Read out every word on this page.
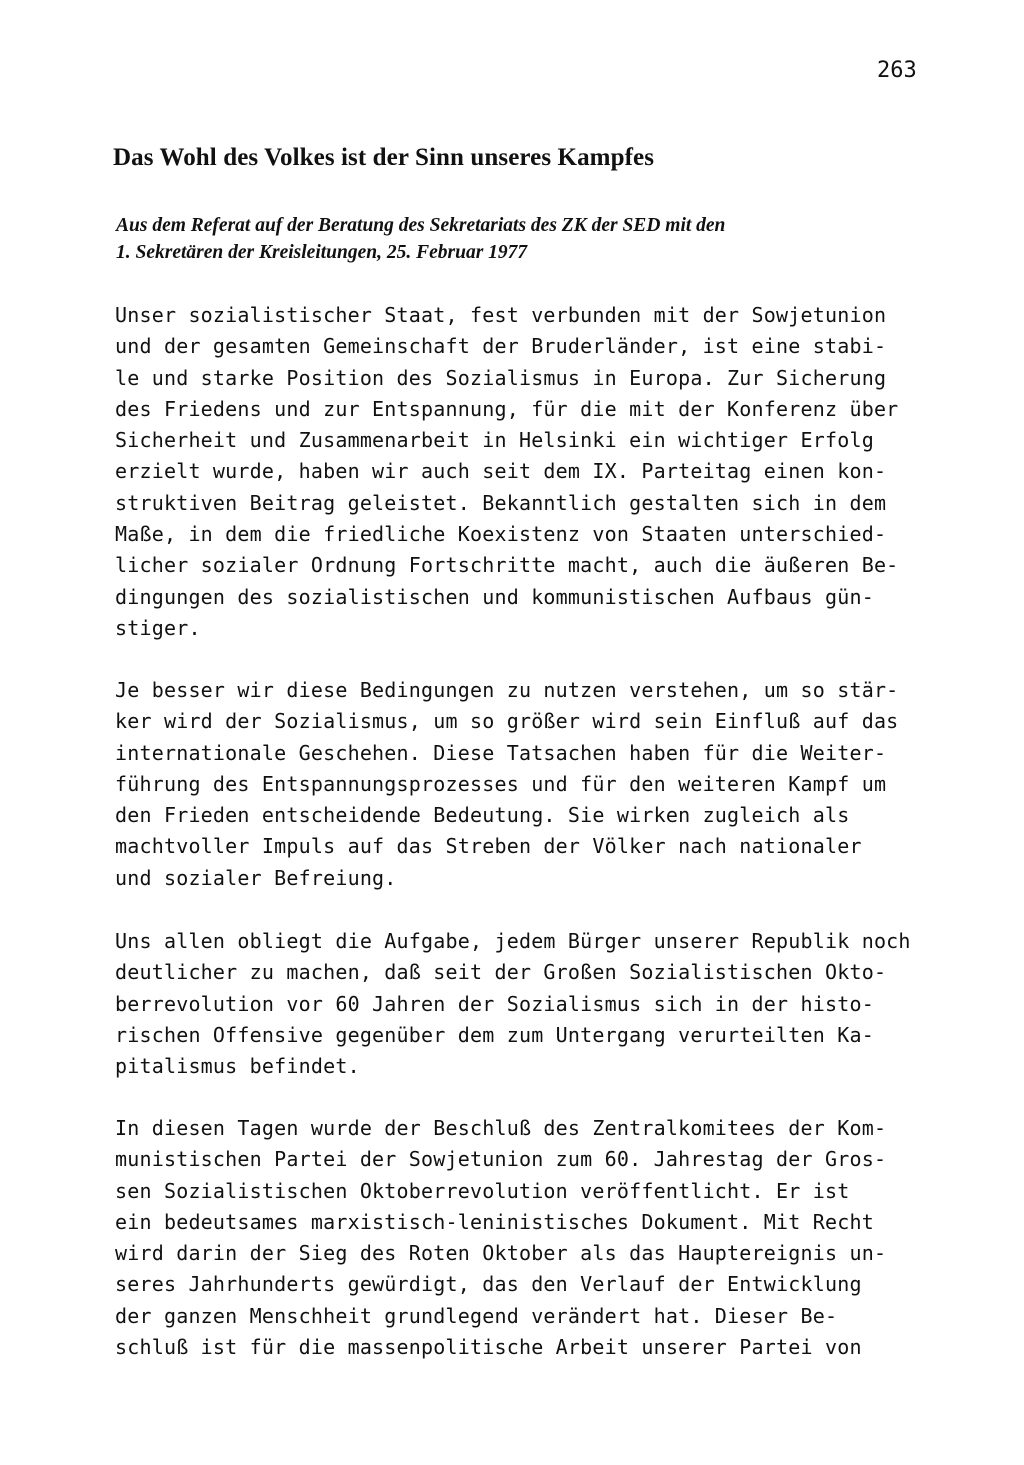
263
Das Wohl des Volkes ist der Sinn unseres Kampfes
Aus dem Referat auf der Beratung des Sekretariats des ZK der SED mit den
1. Sekretären der Kreisleitungen, 25. Februar 1977
Unser sozialistischer Staat, fest verbunden mit der Sowjetunion
und der gesamten Gemeinschaft der Bruderländer, ist eine stabi-
le und starke Position des Sozialismus in Europa. Zur Sicherung
des Friedens und zur Entspannung, für die mit der Konferenz über
Sicherheit und Zusammenarbeit in Helsinki ein wichtiger Erfolg
erzielt wurde, haben wir auch seit dem IX. Parteitag einen kon-
struktiven Beitrag geleistet. Bekanntlich gestalten sich in dem
Maße, in dem die friedliche Koexistenz von Staaten unterschied-
licher sozialer Ordnung Fortschritte macht, auch die äußeren Be-
dingungen des sozialistischen und kommunistischen Aufbaus gün-
stiger.
Je besser wir diese Bedingungen zu nutzen verstehen, um so stär-
ker wird der Sozialismus, um so größer wird sein Einfluß auf das
internationale Geschehen. Diese Tatsachen haben für die Weiter-
führung des Entspannungsprozesses und für den weiteren Kampf um
den Frieden entscheidende Bedeutung. Sie wirken zugleich als
machtvoller Impuls auf das Streben der Völker nach nationaler
und sozialer Befreiung.
Uns allen obliegt die Aufgabe, jedem Bürger unserer Republik noch
deutlicher zu machen, daß seit der Großen Sozialistischen Okto-
berrevolution vor 60 Jahren der Sozialismus sich in der histo-
rischen Offensive gegenüber dem zum Untergang verurteilten Ka-
pitalismus befindet.
In diesen Tagen wurde der Beschluß des Zentralkomitees der Kom-
munistischen Partei der Sowjetunion zum 60. Jahrestag der Gros-
sen Sozialistischen Oktoberrevolution veröffentlicht. Er ist
ein bedeutsames marxistisch-leninistisches Dokument. Mit Recht
wird darin der Sieg des Roten Oktober als das Hauptereignis un-
seres Jahrhunderts gewürdigt, das den Verlauf der Entwicklung
der ganzen Menschheit grundlegend verändert hat. Dieser Be-
schluß ist für die massenpolitische Arbeit unserer Partei von
